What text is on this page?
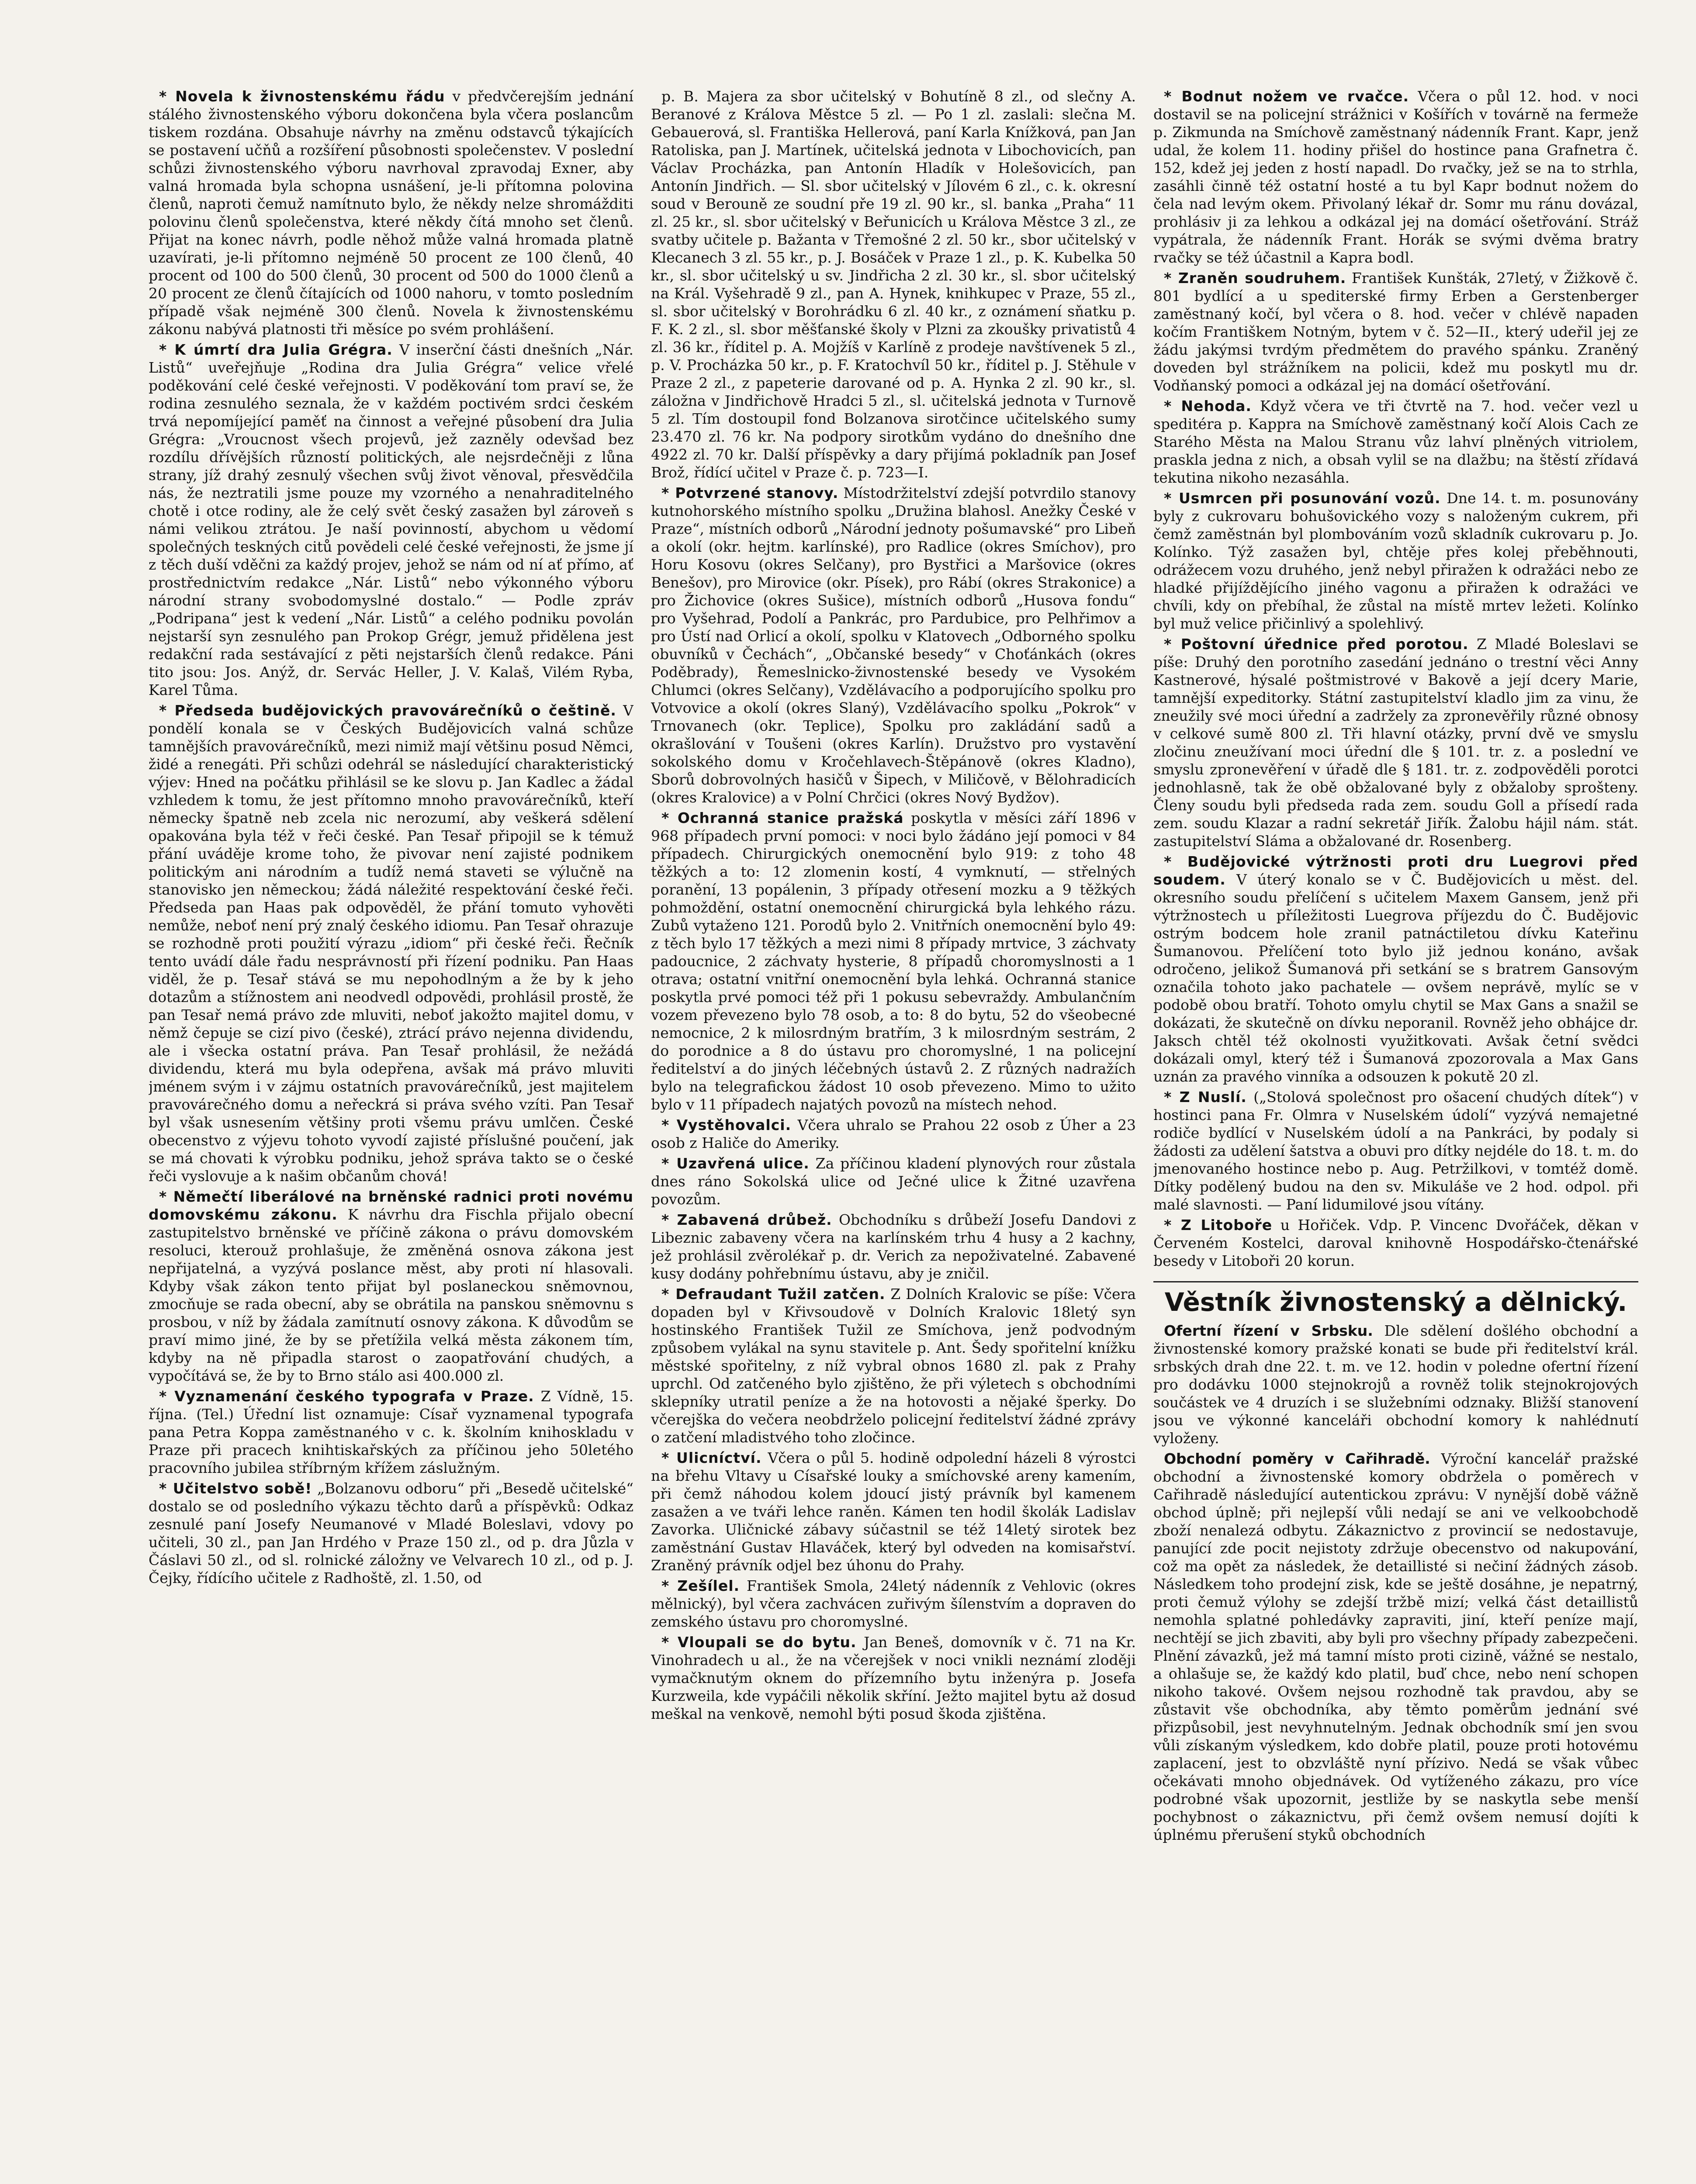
* Novela k živnostenskému řádu v předvčerejším jednání stálého živnostenského výboru dokončena byla včera poslancům tiskem rozdána. Obsahuje návrhy na změnu odstavců týkajících se postavení učňů a rozšíření působnosti společenstev. V poslední schůzi živnostenského výboru navrhoval zpravodaj Exner, aby valná hromada byla schopna usnášení, je-li přítomna polovina členů, naproti čemuž namítnuto bylo, že někdy nelze shromážditi polovinu členů společenstva, které někdy čítá mnoho set členů. Přijat na konec návrh, podle něhož může valná hromada platně uzavírati, je-li přítomno nejméně 50 procent ze 100 členů, 40 procent od 100 do 500 členů, 30 procent od 500 do 1000 členů a 20 procent ze členů čítajících od 1000 nahoru, v tomto posledním případě však nejméně 300 členů. Novela k živnostenskému zákonu nabývá platnosti tři měsíce po svém prohlášení.

* K úmrtí dra Julia Grégra. V inserční části dnešních „Nár. Listů“ uveřejňuje „Rodina dra Julia Grégra“ velice vřelé poděkování celé české veřejnosti. V poděkování tom praví se, že rodina zesnulého seznala, že v každém poctivém srdci českém trvá nepomíjející paměť na činnost a veřejné působení dra Julia Grégra: „Vroucnost všech projevů, jež zazněly odevšad bez rozdílu dřívějších růzností politických, ale nejsrdečněji z lůna strany, jíž drahý zesnulý všechen svůj život věnoval, přesvědčila nás, že neztratili jsme pouze my vzorného a nenahraditelného chotě i otce rodiny, ale že celý svět český zasažen byl zároveň s námi velikou ztrátou. Je naší povinností, abychom u vědomí společných teskných citů povědeli celé české veřejnosti, že jsme jí z těch duší vděčni za každý projev, jehož se nám od ní ať přímo, ať prostřednictvím redakce „Nár. Listů“ nebo výkonného výboru národní strany svobodomyslné dostalo.“ — Podle zpráv „Podripana“ jest k vedení „Nár. Listů“ a celého podniku povolán nejstarší syn zesnulého pan Prokop Grégr, jemuž přidělena jest redakční rada sestávající z pěti nejstarších členů redakce. Páni tito jsou: Jos. Anýž, dr. Servác Heller, J. V. Kalaš, Vilém Ryba, Karel Tůma.

* Předseda budějovických pravovárečníků o češtině. V pondělí konala se v Českých Budějovicích valná schůze tamnějších pravovárečníků, mezi nimiž mají většinu posud Němci, židé a renegáti. Při schůzi odehrál se následující charakteristický výjev: Hned na počátku přihlásil se ke slovu p. Jan Kadlec a žádal vzhledem k tomu, že jest přítomno mnoho pravovárečníků, kteří německy špatně neb zcela nic nerozumí, aby veškerá sdělení opakována byla též v řeči české. Pan Tesař připojil se k témuž přání uváděje krome toho, že pivovar není zajisté podnikem politickým ani národním a tudíž nemá staveti se výlučně na stanovisko jen německou; žádá náležité respektování české řeči. Předseda pan Haas pak odpověděl, že přání tomuto vyhověti nemůže, neboť není prý znalý českého idiomu. Pan Tesař ohrazuje se rozhodně proti použití výrazu „idiom“ při české řeči. Řečník tento uvádí dále řadu nesprávností při řízení podniku. Pan Haas viděl, že p. Tesař stává se mu nepohodlným a že by k jeho dotazům a stížnostem ani neodvedl odpovědi, prohlásil prostě, že pan Tesař nemá právo zde mluviti, neboť jakožto majitel domu, v němž čepuje se cizí pivo (české), ztrácí právo nejenna dividendu, ale i všecka ostatní práva. Pan Tesař prohlásil, že nežádá dividendu, která mu byla odepřena, avšak má právo mluviti jménem svým i v zájmu ostatních pravovárečníků, jest majitelem pravovárečného domu a neřeckrá si práva svého vzíti. Pan Tesař byl však usnesením většiny proti všemu právu umlčen. České obecenstvo z výjevu tohoto vyvodí zajisté příslušné poučení, jak se má chovati k výrobku podniku, jehož správa takto se o české řeči vyslovuje a k našim občanům chová!

* Němečtí liberálové na brněnské radnici proti novému domovskému zákonu. K návrhu dra Fischla přijalo obecní zastupitelstvo brněnské ve příčině zákona o právu domovském resoluci, kterouž prohlašuje, že změněná osnova zákona jest nepřijatelná, a vyzývá poslance měst, aby proti ní hlasovali. Kdyby však zákon tento přijat byl poslaneckou sněmovnou, zmocňuje se rada obecní, aby se obrátila na panskou sněmovnu s prosbou, v níž by žádala zamítnutí osnovy zákona. K důvodům se praví mimo jiné, že by se přetížila velká města zákonem tím, kdyby na ně připadla starost o zaopatřování chudých, a vypočítává se, že by to Brno stálo asi 400.000 zl.

* Vyznamenání českého typografa v Praze. Z Vídně, 15. října. (Tel.) Úřední list oznamuje: Císař vyznamenal typografa pana Petra Koppa zaměstnaného v c. k. školním knihoskladu v Praze při pracech knihtiskařských za příčinou jeho 50letého pracovního jubilea stříbrným křížem záslužným.

* Učitelstvo sobě! „Bolzanovu odboru“ při „Besedě učitelské“ dostalo se od posledního výkazu těchto darů a příspěvků: Odkaz zesnulé paní Josefy Neumanové v Mladé Boleslavi, vdovy po učiteli, 30 zl., pan Jan Hrdého v Praze 150 zl., od p. dra Jůzla v Čáslavi 50 zl., od sl. rolnické záložny ve Velvarech 10 zl., od p. J. Čejky, řídícího učitele z Radhoště, zl. 1.50, od

p. B. Majera za sbor učitelský v Bohutíně 8 zl., od slečny A. Beranové z Králova Městce 5 zl. — Po 1 zl. zaslali: slečna M. Gebauerová, sl. Františka Hellerová, paní Karla Knížková, pan Jan Ratoliska, pan J. Martínek, učitelská jednota v Libochovicích, pan Václav Procházka, pan Antonín Hladík v Holešovicích, pan Antonín Jindřich. — Sl. sbor učitelský v Jílovém 6 zl., c. k. okresní soud v Berouně ze soudní pře 19 zl. 90 kr., sl. banka „Praha“ 11 zl. 25 kr., sl. sbor učitelský v Beřunicích u Králova Městce 3 zl., ze svatby učitele p. Bažanta v Třemošné 2 zl. 50 kr., sbor učitelský v Klecanech 3 zl. 55 kr., p. J. Bosáček v Praze 1 zl., p. K. Kubelka 50 kr., sl. sbor učitelský u sv. Jindřicha 2 zl. 30 kr., sl. sbor učitelský na Král. Vyšehradě 9 zl., pan A. Hynek, knihkupec v Praze, 55 zl., sl. sbor učitelský v Borohrádku 6 zl. 40 kr., z oznámení sňatku p. F. K. 2 zl., sl. sbor měšťanské školy v Plzni za zkoušky privatistů 4 zl. 36 kr., říditel p. A. Mojžíš v Karlíně z prodeje navštívenek 5 zl., p. V. Procházka 50 kr., p. F. Kratochvíl 50 kr., říditel p. J. Stěhule v Praze 2 zl., z papeterie darované od p. A. Hynka 2 zl. 90 kr., sl. záložna v Jindřichově Hradci 5 zl., sl. učitelská jednota v Turnově 5 zl. Tím dostoupil fond Bolzanova sirotčince učitelského sumy 23.470 zl. 76 kr. Na podpory sirotkům vydáno do dnešního dne 4922 zl. 70 kr. Další příspěvky a dary přijímá pokladník pan Josef Brož, řídící učitel v Praze č. p. 723—I.

* Potvrzené stanovy. Místodržitelství zdejší potvrdilo stanovy kutnohorského místního spolku „Družina blahosl. Anežky České v Praze“, místních odborů „Národní jednoty pošumavské“ pro Libeň a okolí (okr. hejtm. karlínské), pro Radlice (okres Smíchov), pro Horu Kosovu (okres Selčany), pro Bystřici a Maršovice (okres Benešov), pro Mirovice (okr. Písek), pro Rábí (okres Strakonice) a pro Žichovice (okres Sušice), místních odborů „Husova fondu“ pro Vyšehrad, Podolí a Pankrác, pro Pardubice, pro Pelhřimov a pro Ústí nad Orlicí a okolí, spolku v Klatovech „Odborného spolku obuvníků v Čechách“, „Občanské besedy“ v Choťánkách (okres Poděbrady), Řemeslnicko-živnostenské besedy ve Vysokém Chlumci (okres Selčany), Vzdělávacího a podporujícího spolku pro Votvovice a okolí (okres Slaný), Vzdělávacího spolku „Pokrok“ v Trnovanech (okr. Teplice), Spolku pro zakládání sadů a okrašlování v Toušeni (okres Karlín). Družstvo pro vystavění sokolského domu v Kročehlavech-Štěpánově (okres Kladno), Sborů dobrovolných hasičů v Šipech, v Miličově, v Bělohradicích (okres Kralovice) a v Polní Chrčici (okres Nový Bydžov).

* Ochranná stanice pražská poskytla v měsíci září 1896 v 968 případech první pomoci: v noci bylo žádáno její pomoci v 84 případech. Chirurgických onemocnění bylo 919: z toho 48 těžkých a to: 12 zlomenin kostí, 4 vymknutí, — střelných poranění, 13 popálenin, 3 případy otřesení mozku a 9 těžkých pohmoždění, ostatní onemocnění chirurgická byla lehkého rázu. Zubů vytaženo 121. Porodů bylo 2. Vnitřních onemocnění bylo 49: z těch bylo 17 těžkých a mezi nimi 8 případy mrtvice, 3 záchvaty padoucnice, 2 záchvaty hysterie, 8 případů choromyslnosti a 1 otrava; ostatní vnitřní onemocnění byla lehká. Ochranná stanice poskytla prvé pomoci též při 1 pokusu sebevraždy. Ambulančním vozem převezeno bylo 78 osob, a to: 8 do bytu, 52 do všeobecné nemocnice, 2 k milosrdným bratřím, 3 k milosrdným sestrám, 2 do porodnice a 8 do ústavu pro choromyslné, 1 na policejní ředitelství a do jiných léčebných ústavů 2. Z různých nadražích bylo na telegrafickou žádost 10 osob převezeno. Mimo to užito bylo v 11 případech najatých povozů na místech nehod.

* Vystěhovalci. Včera uhralo se Prahou 22 osob z Úher a 23 osob z Haliče do Ameriky.

* Uzavřená ulice. Za příčinou kladení plynových rour zůstala dnes ráno Sokolská ulice od Ječné ulice k Žitné uzavřena povozům.

* Zabavená drůbež. Obchodníku s drůbeží Josefu Dandovi z Libeznic zabaveny včera na karlínském trhu 4 husy a 2 kachny, jež prohlásil zvěrolékař p. dr. Verich za nepoživatelné. Zabavené kusy dodány pohřebnímu ústavu, aby je zničil.

* Defraudant Tužil zatčen. Z Dolních Kralovic se píše: Včera dopaden byl v Křivsoudově v Dolních Kralovic 18letý syn hostinského František Tužil ze Smíchova, jenž podvodným způsobem vylákal na synu stavitele p. Ant. Šedy spořitelní knížku městské spořitelny, z níž vybral obnos 1680 zl. pak z Prahy uprchl. Od zatčeného bylo zjištěno, že při výletech s obchodními sklepníky utratil peníze a že na hotovosti a nějaké šperky. Do včerejška do večera neobdrželo policejní ředitelství žádné zprávy o zatčení mladistvého toho zločince.

* Ulicníctví. Včera o půl 5. hodině odpolední házeli 8 výrostci na břehu Vltavy u Císařské louky a smíchovské areny kamením, při čemž náhodou kolem jdoucí jistý právník byl kamenem zasažen a ve tváři lehce raněn. Kámen ten hodil školák Ladislav Zavorka. Uličnické zábavy súčastnil se též 14letý sirotek bez zaměstnání Gustav Hlaváček, který byl odveden na komisařství. Zraněný právník odjel bez úhonu do Prahy.

* Zešílel. František Smola, 24letý nádenník z Vehlovic (okres mělnický), byl včera zachvácen zuřivým šílenstvím a dopraven do zemského ústavu pro choromyslné.

* Vloupali se do bytu. Jan Beneš, domovník v č. 71 na Kr. Vinohradech u al., že na včerejšek v noci vnikli neznámí zloději vymačknutým oknem do přízemního bytu inženýra p. Josefa Kurzweila, kde vypáčili několik skříní. Ježto majitel bytu až dosud meškal na venkově, nemohl býti posud škoda zjištěna.

* Bodnut nožem ve rvačce. Včera o půl 12. hod. v noci dostavil se na policejní strážnici v Košířích v továrně na fermeže p. Zikmunda na Smíchově zaměstnaný nádenník Frant. Kapr, jenž udal, že kolem 11. hodiny přišel do hostince pana Grafnetra č. 152, kdež jej jeden z hostí napadl. Do rvačky, jež se na to strhla, zasáhli činně též ostatní hosté a tu byl Kapr bodnut nožem do čela nad levým okem. Přivolaný lékař dr. Somr mu ránu dovázal, prohlásiv ji za lehkou a odkázal jej na domácí ošetřování. Stráž vypátrala, že nádenník Frant. Horák se svými dvěma bratry rvačky se též účastnil a Kapra bodl.

* Zraněn soudruhem. František Kunšták, 27letý, v Žižkově č. 801 bydlící a u spediterské firmy Erben a Gerstenberger zaměstnaný kočí, byl včera o 8. hod. večer v chlévě napaden kočím Františkem Notným, bytem v č. 52—II., který udeřil jej ze žádu jakýmsi tvrdým předmětem do pravého spánku. Zraněný doveden byl strážníkem na policii, kdež mu poskytl mu dr. Vodňanský pomoci a odkázal jej na domácí ošetřování.

* Nehoda. Když včera ve tři čtvrtě na 7. hod. večer vezl u speditéra p. Kappra na Smíchově zaměstnaný kočí Alois Cach ze Starého Města na Malou Stranu vůz lahví plněných vitriolem, praskla jedna z nich, a obsah vylil se na dlažbu; na štěstí zřídavá tekutina nikoho nezasáhla.

* Usmrcen při posunování vozů. Dne 14. t. m. posunovány byly z cukrovaru bohušovického vozy s naloženým cukrem, při čemž zaměstnán byl plombováním vozů skladník cukrovaru p. Jo. Kolínko. Týž zasažen byl, chtěje přes kolej přeběhnouti, odrážecem vozu druhého, jenž nebyl přiražen k odražáci nebo ze hladké přijíždějícího jiného vagonu a přiražen k odražáci ve chvíli, kdy on přebíhal, že zůstal na místě mrtev ležeti. Kolínko byl muž velice přičinlivý a spolehlivý.

* Poštovní úřednice před porotou. Z Mladé Boleslavi se píše: Druhý den porotního zasedání jednáno o trestní věci Anny Kastnerové, hýsalé poštmistrové v Bakově a její dcery Marie, tamnější expeditorky. Státní zastupitelství kladlo jim za vinu, že zneužily své moci úřední a zadržely za zpronevěřily různé obnosy v celkové sumě 800 zl. Tři hlavní otázky, první dvě ve smyslu zločinu zneužívaní moci úřední dle § 101. tr. z. a poslední ve smyslu zpronevěření v úřadě dle § 181. tr. z. zodpověděli porotci jednohlasně, tak že obě obžalované byly z obžaloby sprošteny. Členy soudu byli předseda rada zem. soudu Goll a přísedí rada zem. soudu Klazar a radní sekretář Jiřík. Žalobu hájil nám. stát. zastupitelství Sláma a obžalované dr. Rosenberg.

* Budějovické výtržnosti proti dru Luegrovi před soudem. V úterý konalo se v Č. Budějovicích u měst. del. okresního soudu přelíčení s učitelem Maxem Gansem, jenž při výtržnostech u příležitosti Luegrova příjezdu do Č. Budějovic ostrým bodcem hole zranil patnáctiletou dívku Kateřinu Šumanovou. Přelíčení toto bylo již jednou konáno, avšak odročeno, jelikož Šumanová při setkání se s bratrem Gansovým označila tohoto jako pachatele — ovšem neprávě, mylíc se v podobě obou bratří. Tohoto omylu chytil se Max Gans a snažil se dokázati, že skutečně on dívku neporanil. Rovněž jeho obhájce dr. Jaksch chtěl též okolnosti využitkovati. Avšak četní svědci dokázali omyl, který též i Šumanová zpozorovala a Max Gans uznán za pravého vinníka a odsouzen k pokutě 20 zl.

* Z Nuslí. („Stolová společnost pro ošacení chudých dítek“) v hostinci pana Fr. Olmra v Nuselském údolí“ vyzývá nemajetné rodiče bydlící v Nuselském údolí a na Pankráci, by podaly si žádosti za udělení šatstva a obuvi pro dítky nejdéle do 18. t. m. do jmenovaného hostince nebo p. Aug. Petržilkovi, v tomtéž domě. Dítky podělený budou na den sv. Mikuláše ve 2 hod. odpol. při malé slavnosti. — Paní lidumilové jsou vítány.

* Z Litoboře u Hořiček. Vdp. P. Vincenc Dvořáček, děkan v Červeném Kostelci, daroval knihovně Hospodářsko-čtenářské besedy v Litoboři 20 korun.

Věstník živnostenský a dělnický.

Ofertní řízení v Srbsku. Dle sdělení došlého obchodní a živnostenské komory pražské konati se bude při ředitelství král. srbských drah dne 22. t. m. ve 12. hodin v poledne ofertní řízení pro dodávku 1000 stejnokrojů a rovněž tolik stejnokrojových součástek ve 4 druzích i se služebními odznaky. Bližší stanovení jsou ve výkonné kanceláři obchodní komory k nahlédnutí vyloženy.

Obchodní poměry v Cařihradě. Výroční kancelář pražské obchodní a živnostenské komory obdržela o poměrech v Cařihradě následující autentickou zprávu: V nynější době vážně obchod úplně; při nejlepší vůli nedají se ani ve velkoobchodě zboží nenalezá odbytu. Zákaznictvo z provincií se nedostavuje, panující zde pocit nejistoty zdržuje obecenstvo od nakupování, což ma opět za následek, že detaillisté si nečiní žádných zásob. Následkem toho prodejní zisk, kde se ještě dosáhne, je nepatrný, proti čemuž výlohy se zdejší tržbě mizí; velká část detaillistů nemohla splatné pohledávky zapraviti, jiní, kteří peníze mají, nechtějí se jich zbaviti, aby byli pro všechny případy zabezpečeni. Plnění závazků, jež má tamní místo proti cizině, vážné se nestalo, a ohlašuje se, že každý kdo platil, buď chce, nebo není schopen nikoho takové. Ovšem nejsou rozhodně tak pravdou, aby se zůstavit vše obchodníka, aby těmto poměrům jednání své přizpůsobil, jest nevyhnutelným. Jednak obchodník smí jen svou vůli získaným výsledkem, kdo dobře platil, pouze proti hotovému zaplacení, jest to obzvláště nyní přízivo. Nedá se však vůbec očekávati mnoho objednávek. Od vytíženého zákazu, pro více podrobné však upozornit, jestliže by se naskytla sebe menší pochybnost o zákaznictvu, při čemž ovšem nemusí dojíti k úplnému přerušení styků obchodních
